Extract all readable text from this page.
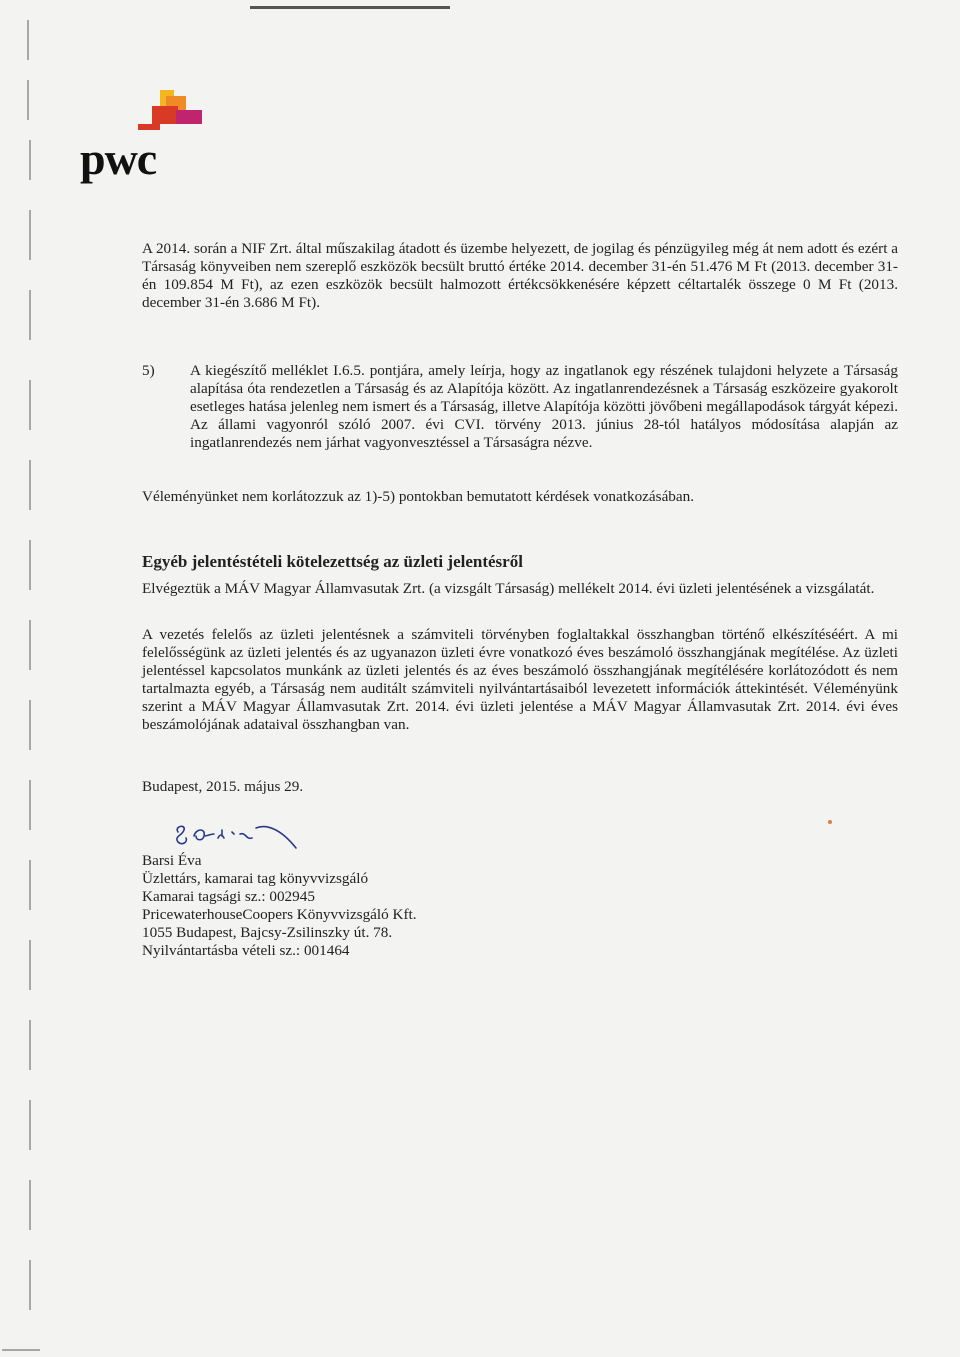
pwc
A 2014. során a NIF Zrt. által műszakilag átadott és üzembe helyezett, de jogilag és pénzügyileg még át nem adott és ezért a Társaság könyveiben nem szereplő eszközök becsült bruttó értéke 2014. december 31-én 51.476 M Ft (2013. december 31-én 109.854 M Ft), az ezen eszközök becsült halmozott értékcsökkenésére képzett céltartalék összege 0 M Ft (2013. december 31-én 3.686 M Ft).
5) A kiegészítő melléklet I.6.5. pontjára, amely leírja, hogy az ingatlanok egy részének tulajdoni helyzete a Társaság alapítása óta rendezetlen a Társaság és az Alapítója között. Az ingatlanrendezésnek a Társaság eszközeire gyakorolt esetleges hatása jelenleg nem ismert és a Társaság, illetve Alapítója közötti jövőbeni megállapodások tárgyát képezi. Az állami vagyonról szóló 2007. évi CVI. törvény 2013. június 28-tól hatályos módosítása alapján az ingatlanrendezés nem járhat vagyonvesztéssel a Társaságra nézve.
Véleményünket nem korlátozzuk az 1)-5) pontokban bemutatott kérdések vonatkozásában.
Egyéb jelentéstételi kötelezettség az üzleti jelentésről
Elvégeztük a MÁV Magyar Államvasutak Zrt. (a vizsgált Társaság) mellékelt 2014. évi üzleti jelentésének a vizsgálatát.
A vezetés felelős az üzleti jelentésnek a számviteli törvényben foglaltakkal összhangban történő elkészítéséért. A mi felelősségünk az üzleti jelentés és az ugyanazon üzleti évre vonatkozó éves beszámoló összhangjának megítélése. Az üzleti jelentéssel kapcsolatos munkánk az üzleti jelentés és az éves beszámoló összhangjának megítélésére korlátozódott és nem tartalmazta egyéb, a Társaság nem auditált számviteli nyilvántartásaiból levezetett információk áttekintését. Véleményünk szerint a MÁV Magyar Államvasutak Zrt. 2014. évi üzleti jelentése a MÁV Magyar Államvasutak Zrt. 2014. évi éves beszámolójának adataival összhangban van.
Budapest, 2015. május 29.
Barsi Éva
Üzlettárs, kamarai tag könyvvizsgáló
Kamarai tagsági sz.: 002945
PricewaterhouseCoopers Könyvvizsgáló Kft.
1055 Budapest, Bajcsy-Zsilinszky út. 78.
Nyilvántartásba vételi sz.: 001464
